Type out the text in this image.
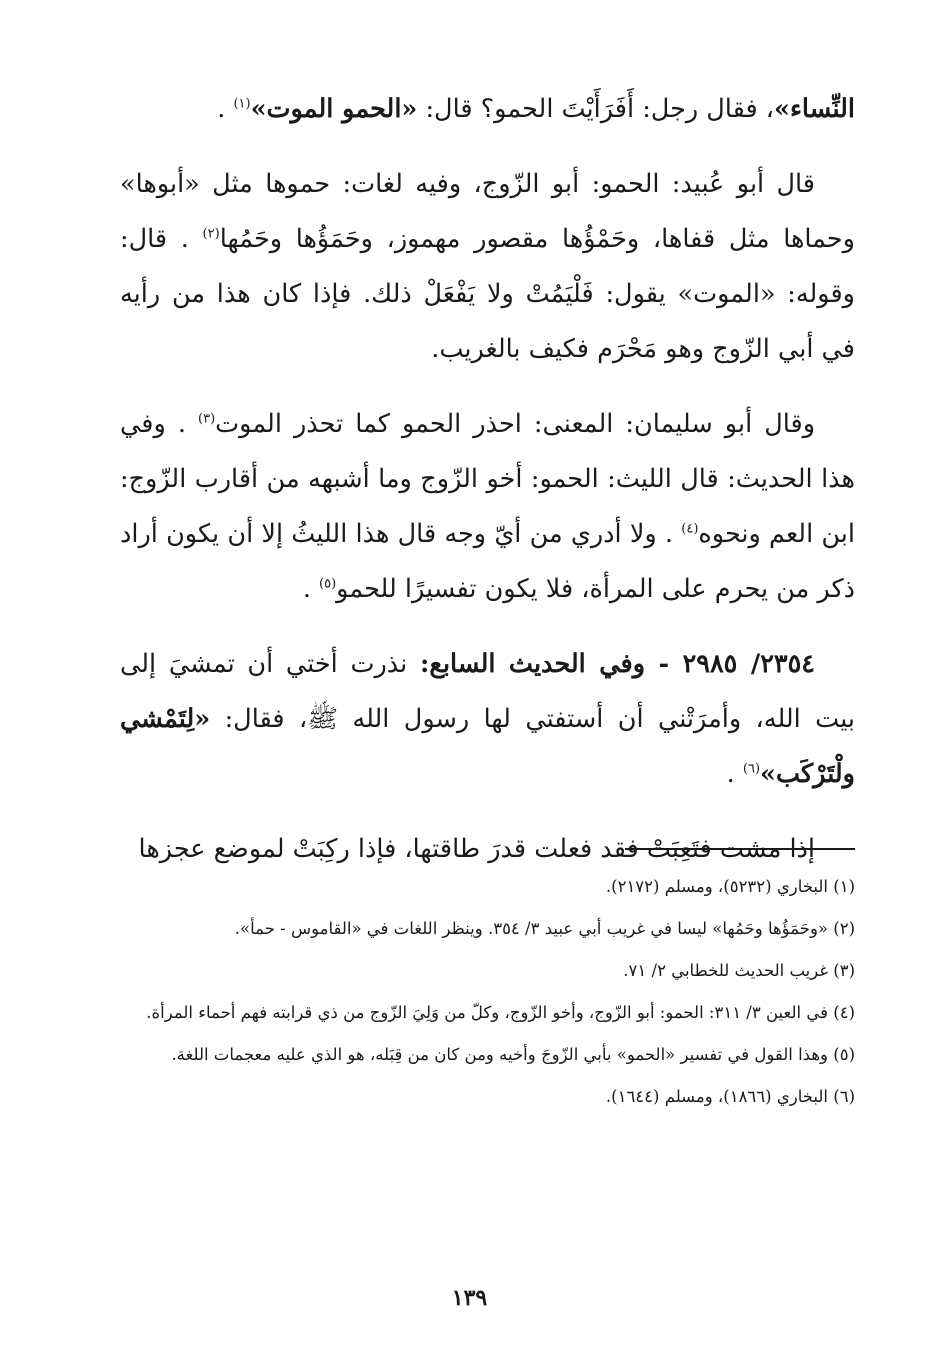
النِّساء»، فقال رجل: أَفَرَأَيْتَ الحمو؟ قال: «الحمو الموت»$^{(١)}$ .

قال أبو عُبيد: الحمو: أبو الزّوج، وفيه لغات: حموها مثل «أبوها» وحماها مثل قفاها، وحَمْؤُها مقصور مهموز، وحَمَؤُها وحَمُها$^{(٢)}$ . قال: وقوله: «الموت» يقول: فَلْيَمُتْ ولا يَفْعَلْ ذلك. فإذا كان هذا من رأيه في أبي الزّوج وهو مَحْرَم فكيف بالغريب.

وقال أبو سليمان: المعنى: احذر الحمو كما تحذر الموت$^{(٣)}$ . وفي هذا الحديث: قال الليث: الحمو: أخو الزّوج وما أشبهه من أقارب الزّوج: ابن العم ونحوه$^{(٤)}$ . ولا أدري من أيّ وجه قال هذا الليثُ إلا أن يكون أراد ذكر من يحرم على المرأة، فلا يكون تفسيرًا للحمو$^{(٥)}$ .

٢٣٥٤/ ٢٩٨٥ - وفي الحديث السابع: نذرت أختي أن تمشيَ إلى بيت الله، وأمرَتْني أن أستفتي لها رسول الله ﷺ، فقال: «لِتَمْشي ولْتَرْكَب»$^{(٦)}$ .

إذا مشت فتَعِبَتْ فقد فعلت قدرَ طاقتها، فإذا ركِبَتْ لموضع عجزها

(١) البخاري (٥٢٣٢)، ومسلم (٢١٧٢).

(٢) «وحَمَؤُها وحَمُها» ليسا في غريب أبي عبيد ٣/ ٣٥٤. وينظر اللغات في «القاموس - حمأ».

(٣) غريب الحديث للخطابي ٢/ ٧١.

(٤) في العين ٣/ ٣١١: الحمو: أبو الزّوج، وأخو الزّوج، وكلّ من وَلِيَ الزّوج من ذي قرابته فهم أحماء المرأة.

(٥) وهذا القول في تفسير «الحمو» بأبي الزّوجَ وأخيه ومن كان من قِبَله، هو الذي عليه معجمات اللغة.

(٦) البخاري (١٨٦٦)، ومسلم (١٦٤٤).

١٣٩
